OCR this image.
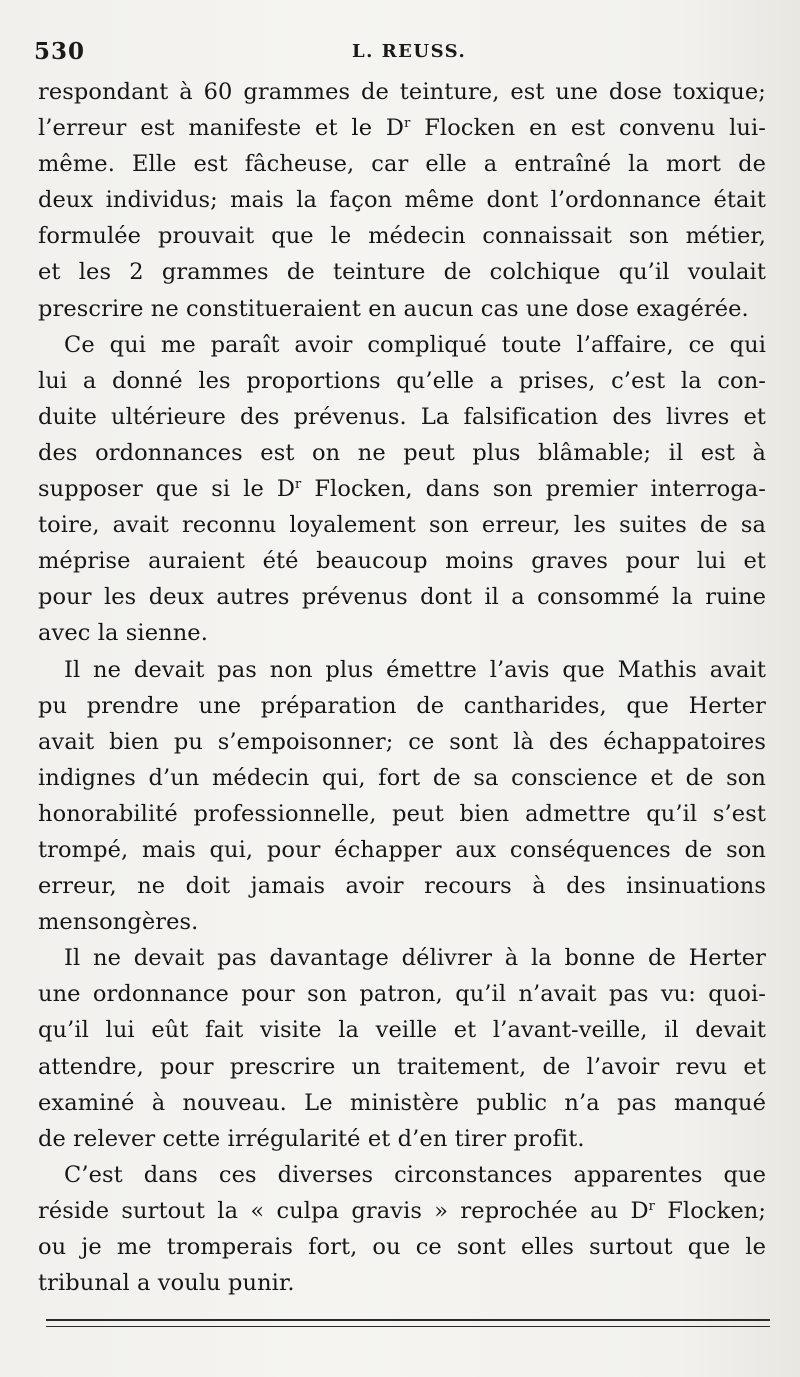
530	L. REUSS.

respondant à 60 grammes de teinture, est une dose toxique;
l’erreur est manifeste et le $D^r$ Flocken en est convenu lui-
même. Elle est fâcheuse, car elle a entraîné la mort de
deux individus; mais la façon même dont l’ordonnance était
formulée prouvait que le médecin connaissait son métier,
et les 2 grammes de teinture de colchique qu’il voulait
prescrire ne constitueraient en aucun cas une dose exagérée.

Ce qui me paraît avoir compliqué toute l’affaire, ce qui
lui a donné les proportions qu’elle a prises, c’est la con-
duite ultérieure des prévenus. La falsification des livres et
des ordonnances est on ne peut plus blâmable; il est à
supposer que si le $D^r$ Flocken, dans son premier interroga-
toire, avait reconnu loyalement son erreur, les suites de sa
méprise auraient été beaucoup moins graves pour lui et
pour les deux autres prévenus dont il a consommé la ruine
avec la sienne.

Il ne devait pas non plus émettre l’avis que Mathis avait
pu prendre une préparation de cantharides, que Herter
avait bien pu s’empoisonner; ce sont là des échappatoires
indignes d’un médecin qui, fort de sa conscience et de son
honorabilité professionnelle, peut bien admettre qu’il s’est
trompé, mais qui, pour échapper aux conséquences de son
erreur, ne doit jamais avoir recours à des insinuations
mensongères.

Il ne devait pas davantage délivrer à la bonne de Herter
une ordonnance pour son patron, qu’il n’avait pas vu: quoi-
qu’il lui eût fait visite la veille et l’avant-veille, il devait
attendre, pour prescrire un traitement, de l’avoir revu et
examiné à nouveau. Le ministère public n’a pas manqué
de relever cette irrégularité et d’en tirer profit.

C’est dans ces diverses circonstances apparentes que
réside surtout la « culpa gravis » reprochée au $D^r$ Flocken;
ou je me tromperais fort, ou ce sont elles surtout que le
tribunal a voulu punir.
